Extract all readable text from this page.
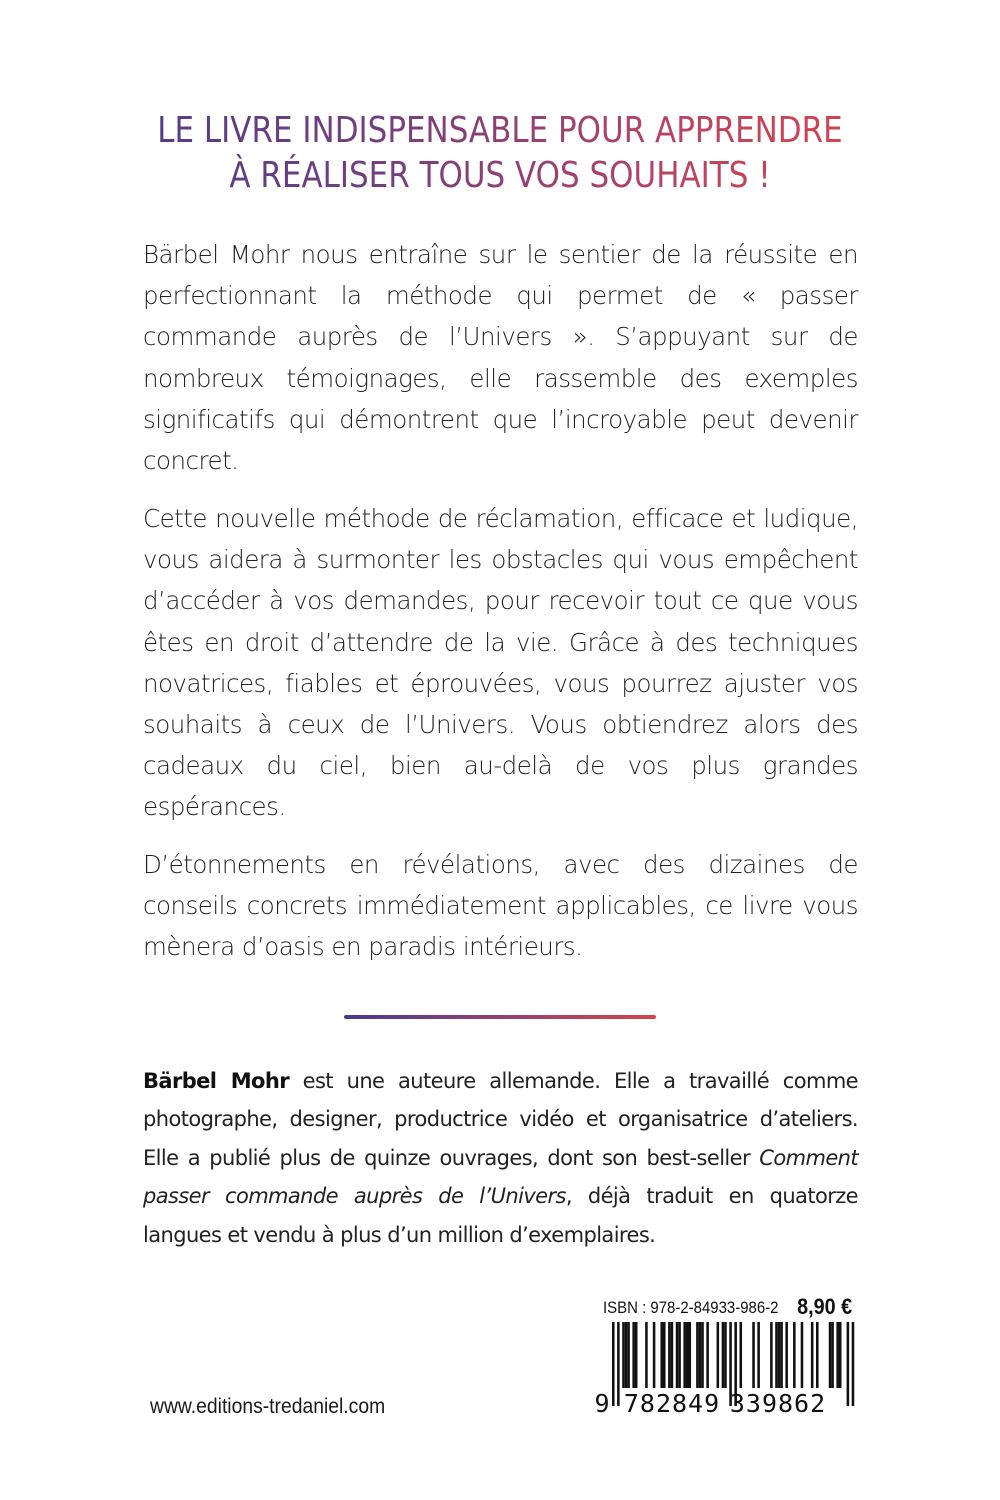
LE LIVRE INDISPENSABLE POUR APPRENDRE
À RÉALISER TOUS VOS SOUHAITS !

Bärbel Mohr nous entraîne sur le sentier de la réussite en perfectionnant la méthode qui permet de « passer commande auprès de l’Univers ». S’appuyant sur de nombreux témoignages, elle rassemble des exemples significatifs qui démontrent que l’incroyable peut devenir concret.

Cette nouvelle méthode de réclamation, efficace et ludique, vous aidera à surmonter les obstacles qui vous empêchent d’accéder à vos demandes, pour recevoir tout ce que vous êtes en droit d’attendre de la vie. Grâce à des techniques novatrices, fiables et éprouvées, vous pourrez ajuster vos souhaits à ceux de l’Univers. Vous obtiendrez alors des cadeaux du ciel, bien au-delà de vos plus grandes espérances.

D’étonnements en révélations, avec des dizaines de conseils concrets immédiatement applicables, ce livre vous mènera d’oasis en paradis intérieurs.

Bärbel Mohr est une auteure allemande. Elle a travaillé comme photographe, designer, productrice vidéo et organisatrice d’ateliers. Elle a publié plus de quinze ouvrages, dont son best-seller Comment passer commande auprès de l’Univers, déjà traduit en quatorze langues et vendu à plus d’un million d’exemplaires.

www.editions-tredaniel.com
ISBN : 978-2-84933-986-2 8,90 €
9 782849 339862
